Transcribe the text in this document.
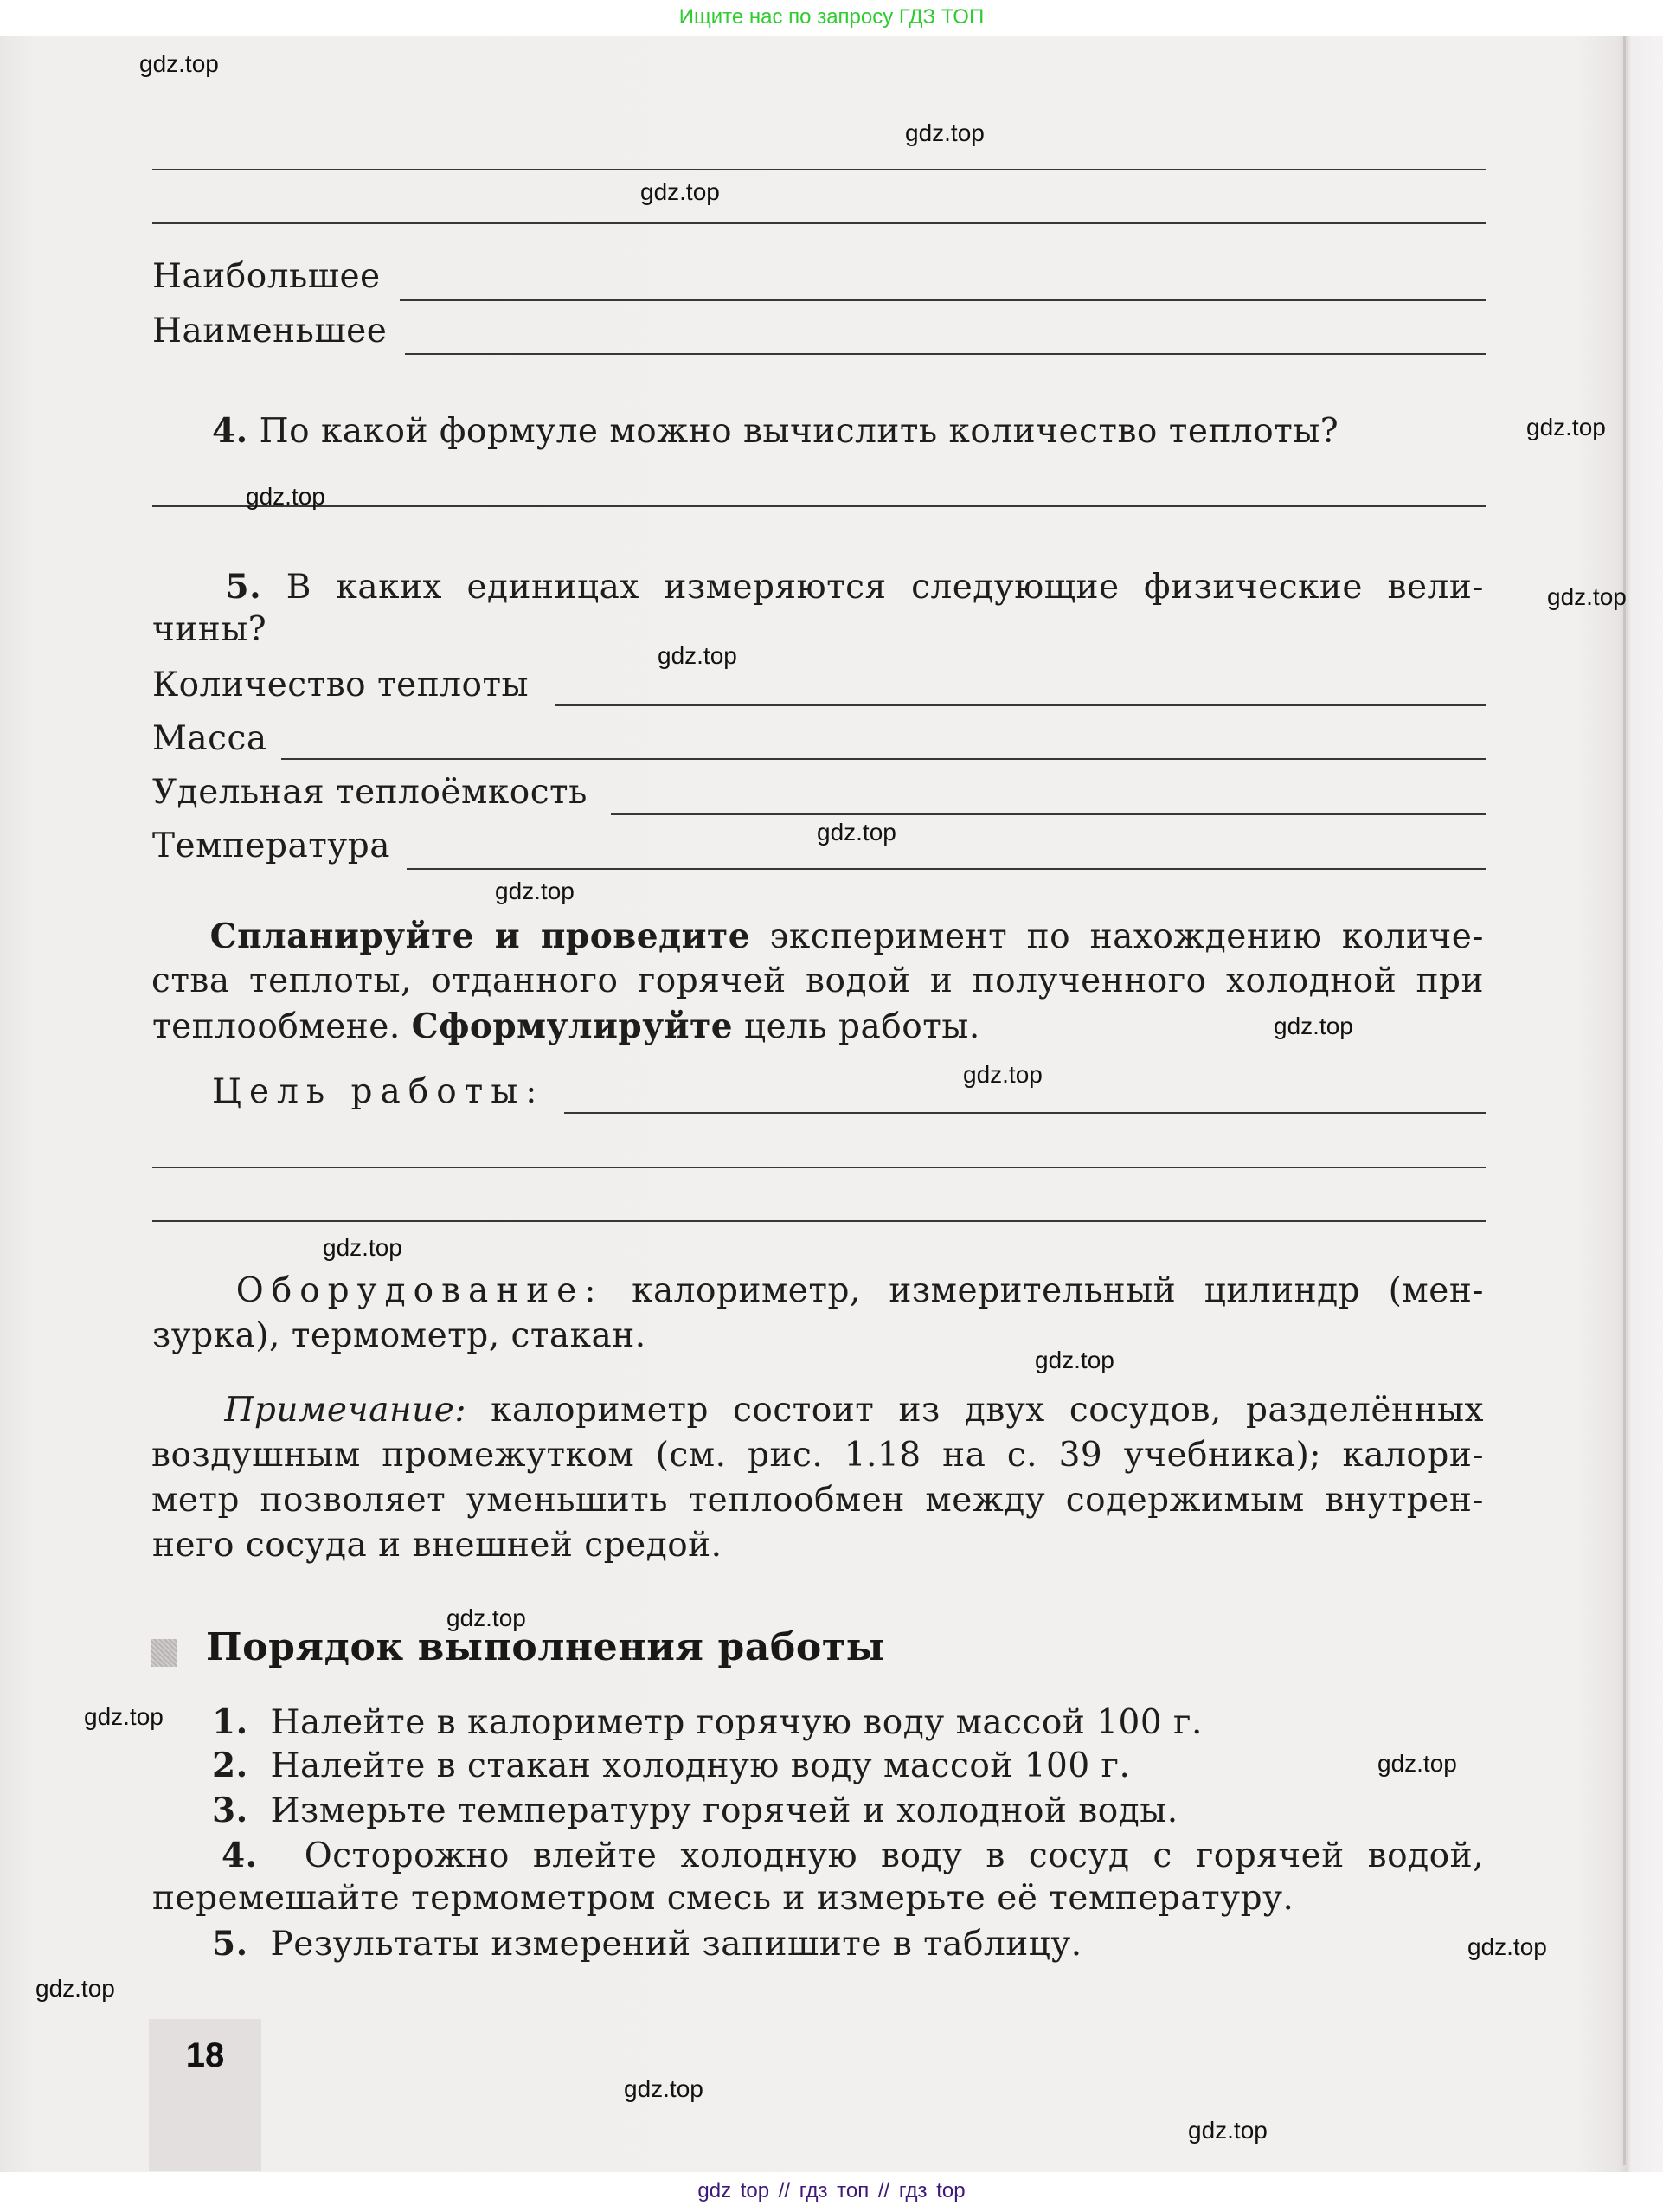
Ищите нас по запросу ГДЗ ТОП
Наибольшее
Наименьшее
4. По какой формуле можно вычислить количество теплоты?
5. В каких единицах измеряются следующие физические вели-
чины?
Количество теплоты
Масса
Удельная теплоёмкость
Температура
Спланируйте и проведите эксперимент по нахождению количе-
ства теплоты, отданного горячей водой и полученного холодной при
теплообмене. Сформулируйте цель работы.
Цель работы:
Оборудование: калориметр, измерительный цилиндр (мен-
зурка), термометр, стакан.
Примечание: калориметр состоит из двух сосудов, разделённых
воздушным промежутком (см. рис. 1.18 на с. 39 учебника); калори-
метр позволяет уменьшить теплообмен между содержимым внутрен-
него сосуда и внешней средой.
Порядок выполнения работы
1. Налейте в калориметр горячую воду массой 100 г.
2. Налейте в стакан холодную воду массой 100 г.
3. Измерьте температуру горячей и холодной воды.
4. Осторожно влейте холодную воду в сосуд с горячей водой,
перемешайте термометром смесь и измерьте её температуру.
5. Результаты измерений запишите в таблицу.
18
gdz.top
gdz.top
gdz.top
gdz.top
gdz.top
gdz.top
gdz.top
gdz.top
gdz.top
gdz.top
gdz.top
gdz.top
gdz.top
gdz.top
gdz.top
gdz.top
gdz.top
gdz.top
gdz.top
gdz.top
gdz top // гдз топ // гдз top
